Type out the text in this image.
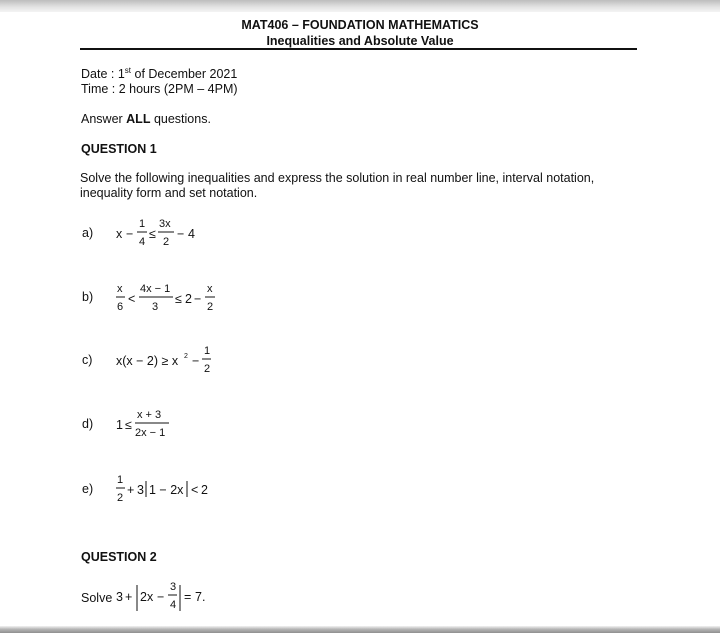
MAT406 – FOUNDATION MATHEMATICS
Inequalities and Absolute Value
Date : 1st of December 2021
Time : 2 hours (2PM – 4PM)
Answer ALL questions.
QUESTION 1
Solve the following inequalities and express the solution in real number line, interval notation, inequality form and set notation.
a) x −
1
4
≤
3x
2
− 4
b)
x
6
<
4x − 1
3
≤ 2 −
x
2
c) x(x − 2) ≥ x 2 −
1
2
d) 1 ≤
x + 3
2x − 1
e)
1
2
+ 3 1 − 2x < 2
QUESTION 2
Solve 3 + 2x −
3
4
= 7.
